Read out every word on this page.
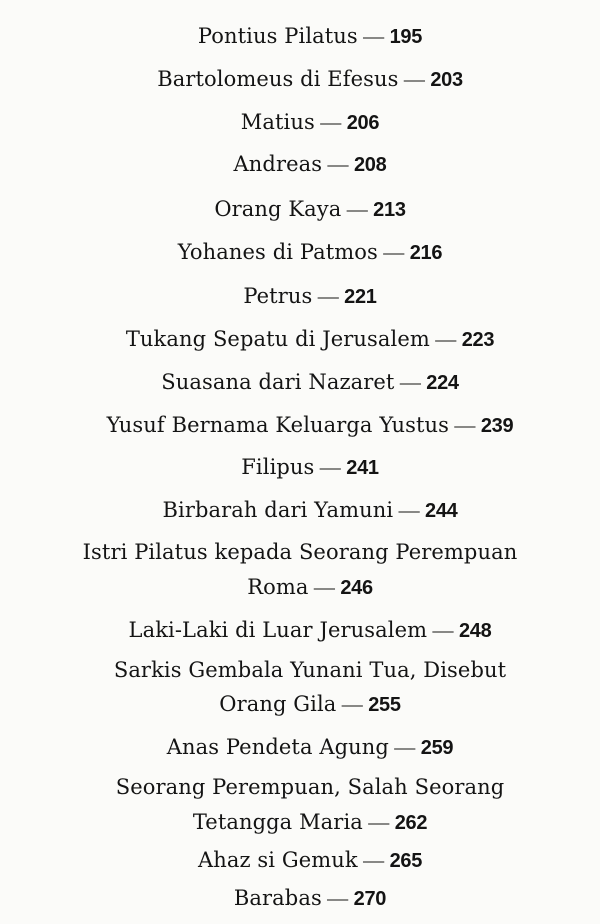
Pontius Pilatus — 195
Bartolomeus di Efesus — 203
Matius — 206
Andreas — 208
Orang Kaya — 213
Yohanes di Patmos — 216
Petrus — 221
Tukang Sepatu di Jerusalem — 223
Suasana dari Nazaret — 224
Yusuf Bernama Keluarga Yustus — 239
Filipus — 241
Birbarah dari Yamuni — 244
Istri Pilatus kepada Seorang Perempuan
Roma — 246
Laki-Laki di Luar Jerusalem — 248
Sarkis Gembala Yunani Tua, Disebut
Orang Gila — 255
Anas Pendeta Agung — 259
Seorang Perempuan, Salah Seorang
Tetangga Maria — 262
Ahaz si Gemuk — 265
Barabas — 270
